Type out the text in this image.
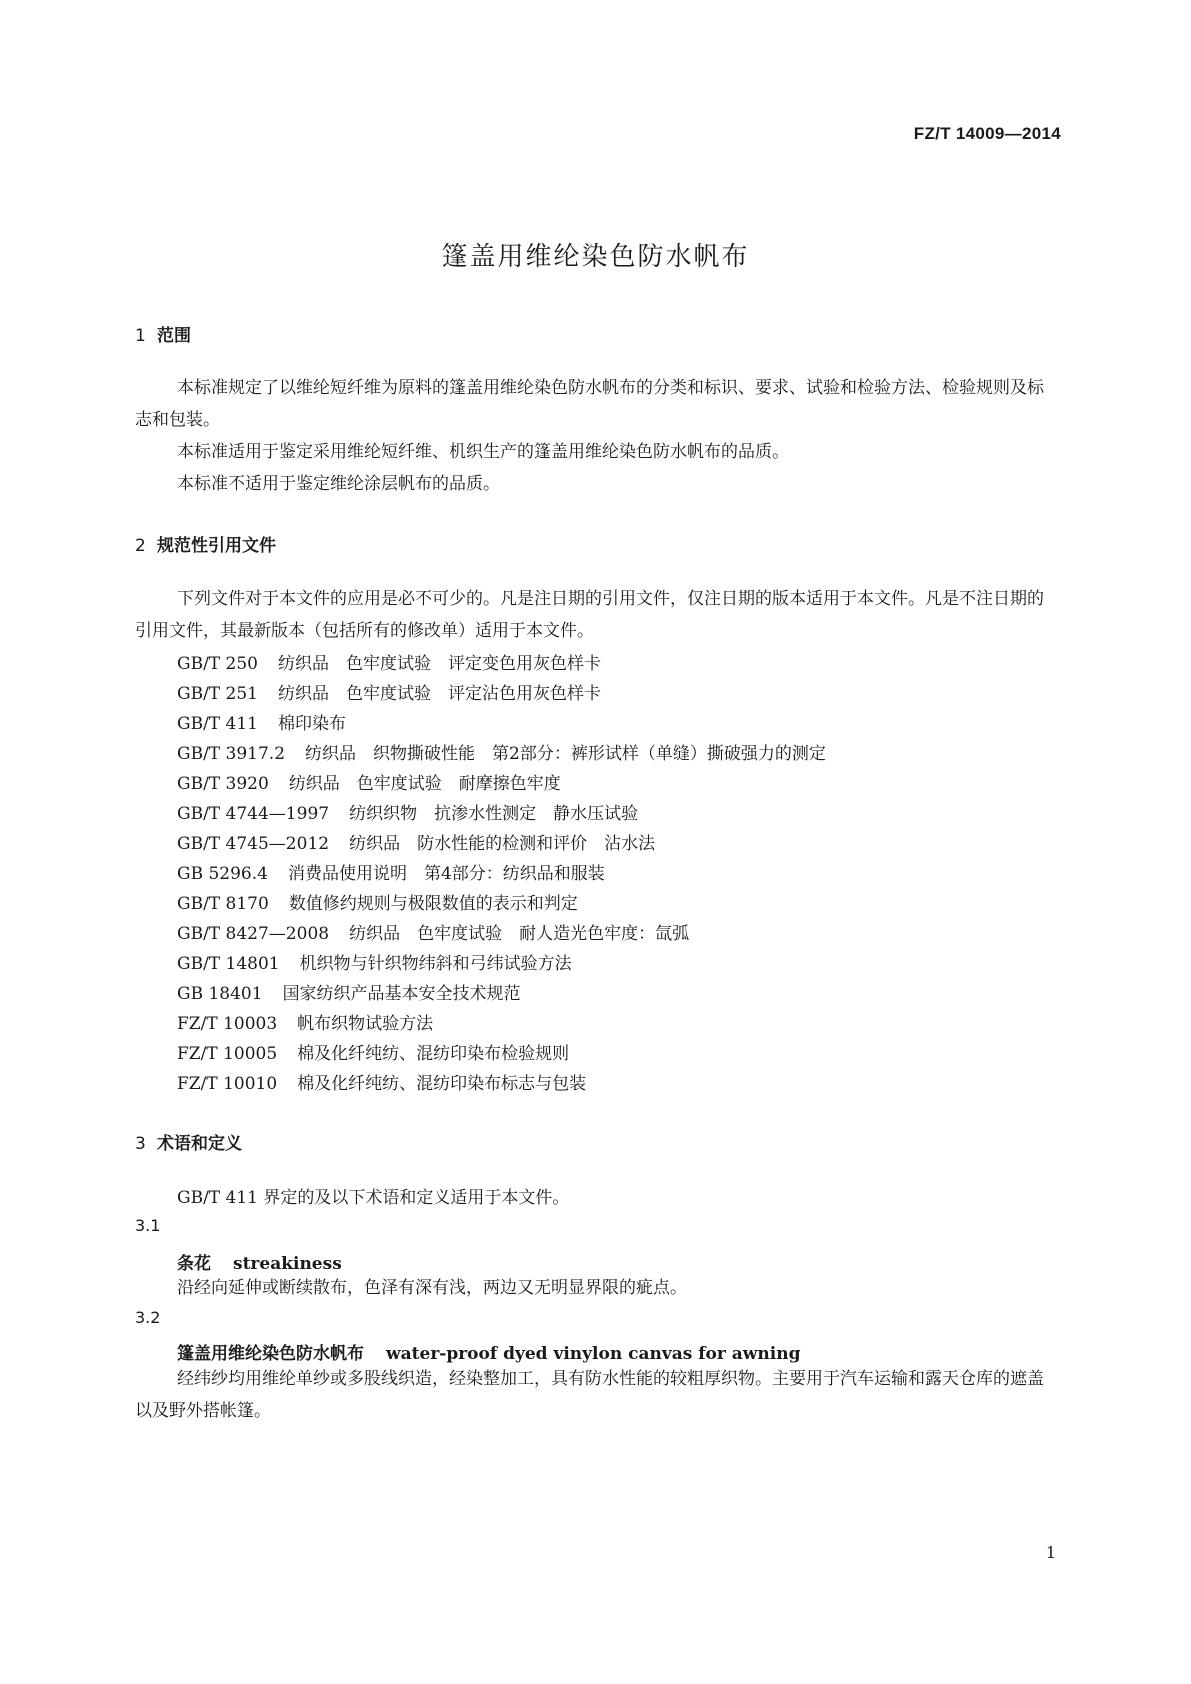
FZ/T 14009—2014
篷盖用维纶染色防水帆布
1 范围

本标准规定了以维纶短纤维为原料的篷盖用维纶染色防水帆布的分类和标识、要求、试验和检验方法、检验规则及标志和包装。

本标准适用于鉴定采用维纶短纤维、机织生产的篷盖用维纶染色防水帆布的品质。

本标准不适用于鉴定维纶涂层帆布的品质。

2 规范性引用文件

下列文件对于本文件的应用是必不可少的。凡是注日期的引用文件，仅注日期的版本适用于本文件。凡是不注日期的引用文件，其最新版本（包括所有的修改单）适用于本文件。

GB/T 250 纺织品　色牢度试验　评定变色用灰色样卡
GB/T 251 纺织品　色牢度试验　评定沾色用灰色样卡
GB/T 411 棉印染布
GB/T 3917.2 纺织品　织物撕破性能　第2部分：裤形试样（单缝）撕破强力的测定
GB/T 3920 纺织品　色牢度试验　耐摩擦色牢度
GB/T 4744—1997 纺织织物　抗渗水性测定　静水压试验
GB/T 4745—2012 纺织品　防水性能的检测和评价　沾水法
GB 5296.4 消费品使用说明　第4部分：纺织品和服装
GB/T 8170 数值修约规则与极限数值的表示和判定
GB/T 8427—2008 纺织品　色牢度试验　耐人造光色牢度：氙弧
GB/T 14801 机织物与针织物纬斜和弓纬试验方法
GB 18401 国家纺织产品基本安全技术规范
FZ/T 10003 帆布织物试验方法
FZ/T 10005 棉及化纤纯纺、混纺印染布检验规则
FZ/T 10010 棉及化纤纯纺、混纺印染布标志与包装
3 术语和定义

GB/T 411 界定的及以下术语和定义适用于本文件。

3.1
条花 streakiness

沿经向延伸或断续散布，色泽有深有浅，两边又无明显界限的疵点。

3.2
篷盖用维纶染色防水帆布 water-proof dyed vinylon canvas for awning

经纬纱均用维纶单纱或多股线织造，经染整加工，具有防水性能的较粗厚织物。主要用于汽车运输和露天仓库的遮盖以及野外搭帐篷。

1
